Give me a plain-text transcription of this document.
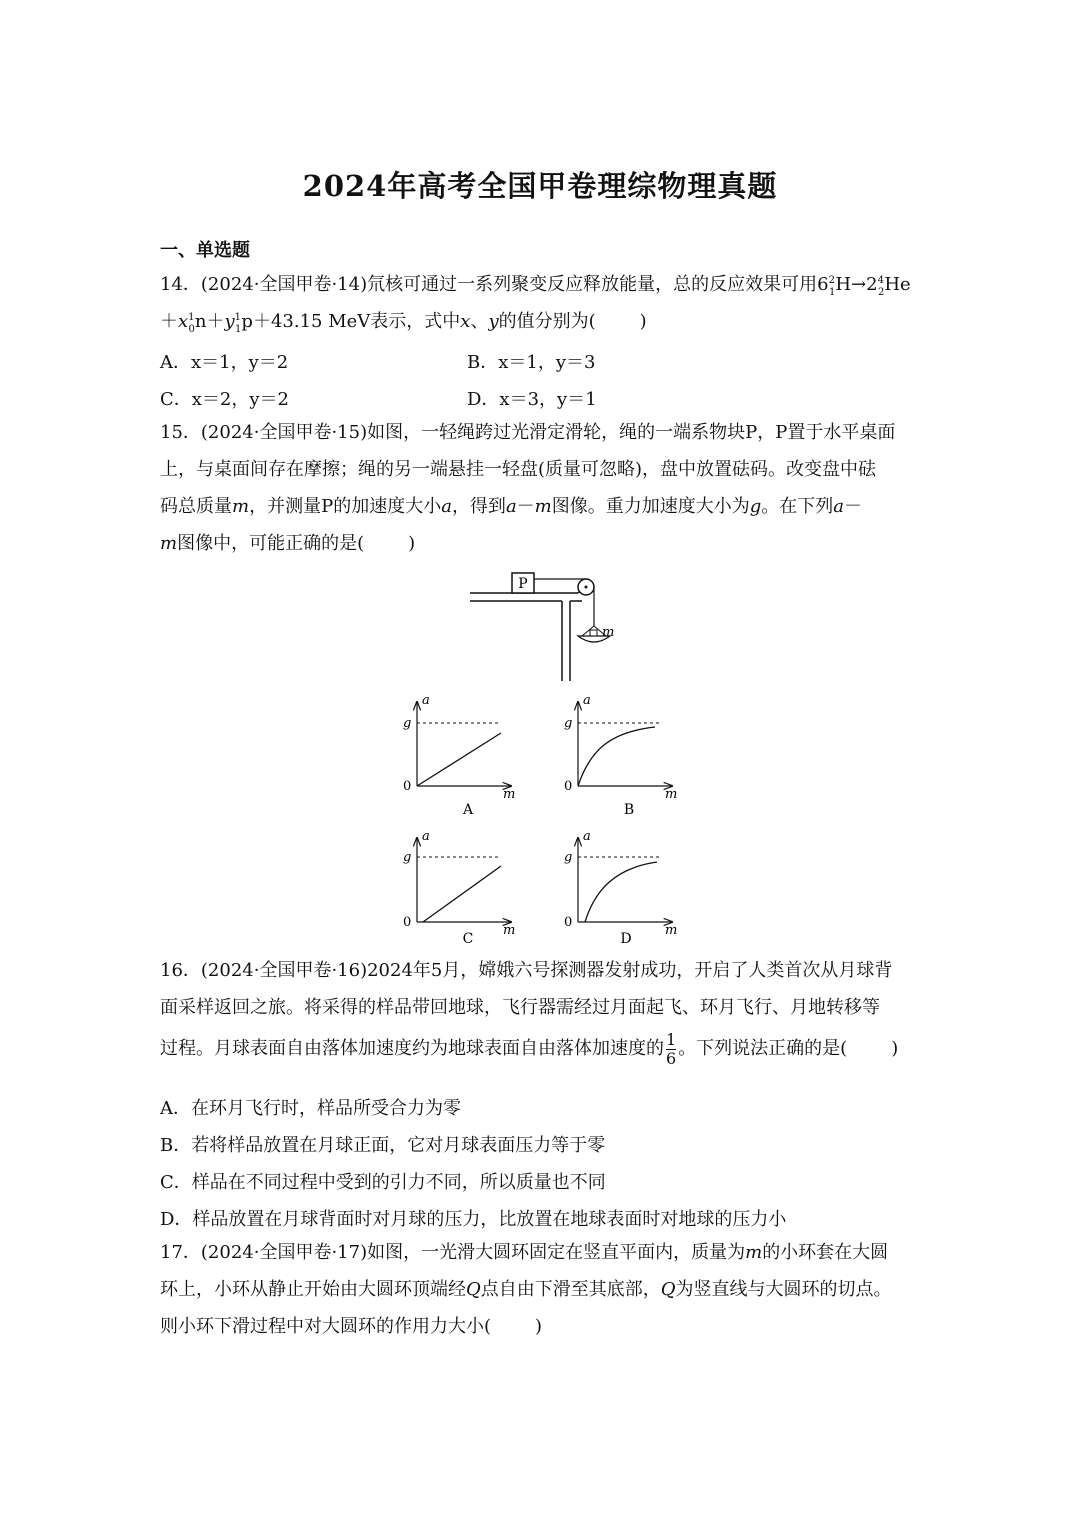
2024年高考全国甲卷理综物理真题
一、单选题
14．(2024·全国甲卷·14)氘核可通过一系列聚变反应释放能量，总的反应效果可用$6^2_1H\to 2^4_2He$
$+x^1_0n+y^1_1p+43.15$ MeV表示，式中x、y的值分别为( )
A．x＝1，y＝2	B．x＝1，y＝3
C．x＝2，y＝2	D．x＝3，y＝1
15．(2024·全国甲卷·15)如图，一轻绳跨过光滑定滑轮，绳的一端系物块P，P置于水平桌面
上，与桌面间存在摩擦；绳的另一端悬挂一轻盘(质量可忽略)，盘中放置砝码。改变盘中砝
码总质量m，并测量P的加速度大小a，得到a－m图像。重力加速度大小为g。在下列a－
m图像中，可能正确的是( )
P
m
a
g
0
m
A
a
g
0
m
B
a
g
0
m
C
a
g
0
m
D
16．(2024·全国甲卷·16)2024年5月，嫦娥六号探测器发射成功，开启了人类首次从月球背
面采样返回之旅。将采得的样品带回地球，飞行器需经过月面起飞、环月飞行、月地转移等
过程。月球表面自由落体加速度约为地球表面自由落体加速度的 $\frac{1}{6}$ 。下列说法正确的是( )
A．在环月飞行时，样品所受合力为零
B．若将样品放置在月球正面，它对月球表面压力等于零
C．样品在不同过程中受到的引力不同，所以质量也不同
D．样品放置在月球背面时对月球的压力，比放置在地球表面时对地球的压力小
17．(2024·全国甲卷·17)如图，一光滑大圆环固定在竖直平面内，质量为m的小环套在大圆
环上，小环从静止开始由大圆环顶端经Q点自由下滑至其底部，Q为竖直线与大圆环的切点。
则小环下滑过程中对大圆环的作用力大小( )
